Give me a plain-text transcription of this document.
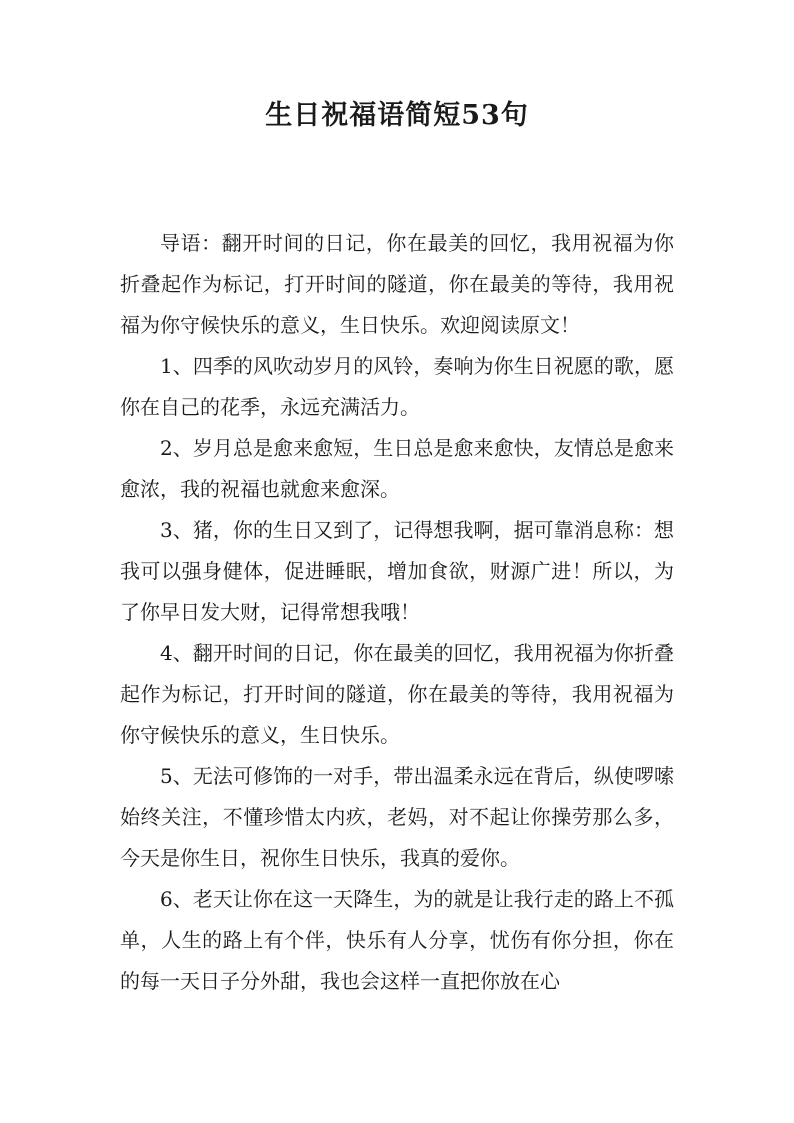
生日祝福语简短53句

导语：翻开时间的日记，你在最美的回忆，我用祝福为你折叠起作为标记，打开时间的隧道，你在最美的等待，我用祝福为你守候快乐的意义，生日快乐。欢迎阅读原文！

1、四季的风吹动岁月的风铃，奏响为你生日祝愿的歌，愿你在自己的花季，永远充满活力。

2、岁月总是愈来愈短，生日总是愈来愈快，友情总是愈来愈浓，我的祝福也就愈来愈深。

3、猪，你的生日又到了，记得想我啊，据可靠消息称：想我可以强身健体，促进睡眠，增加食欲，财源广进！所以，为了你早日发大财，记得常想我哦！

4、翻开时间的日记，你在最美的回忆，我用祝福为你折叠起作为标记，打开时间的隧道，你在最美的等待，我用祝福为你守候快乐的意义，生日快乐。

5、无法可修饰的一对手，带出温柔永远在背后，纵使啰嗦始终关注，不懂珍惜太内疚，老妈，对不起让你操劳那么多，今天是你生日，祝你生日快乐，我真的爱你。

6、老天让你在这一天降生，为的就是让我行走的路上不孤单，人生的路上有个伴，快乐有人分享，忧伤有你分担，你在的每一天日子分外甜，我也会这样一直把你放在心
